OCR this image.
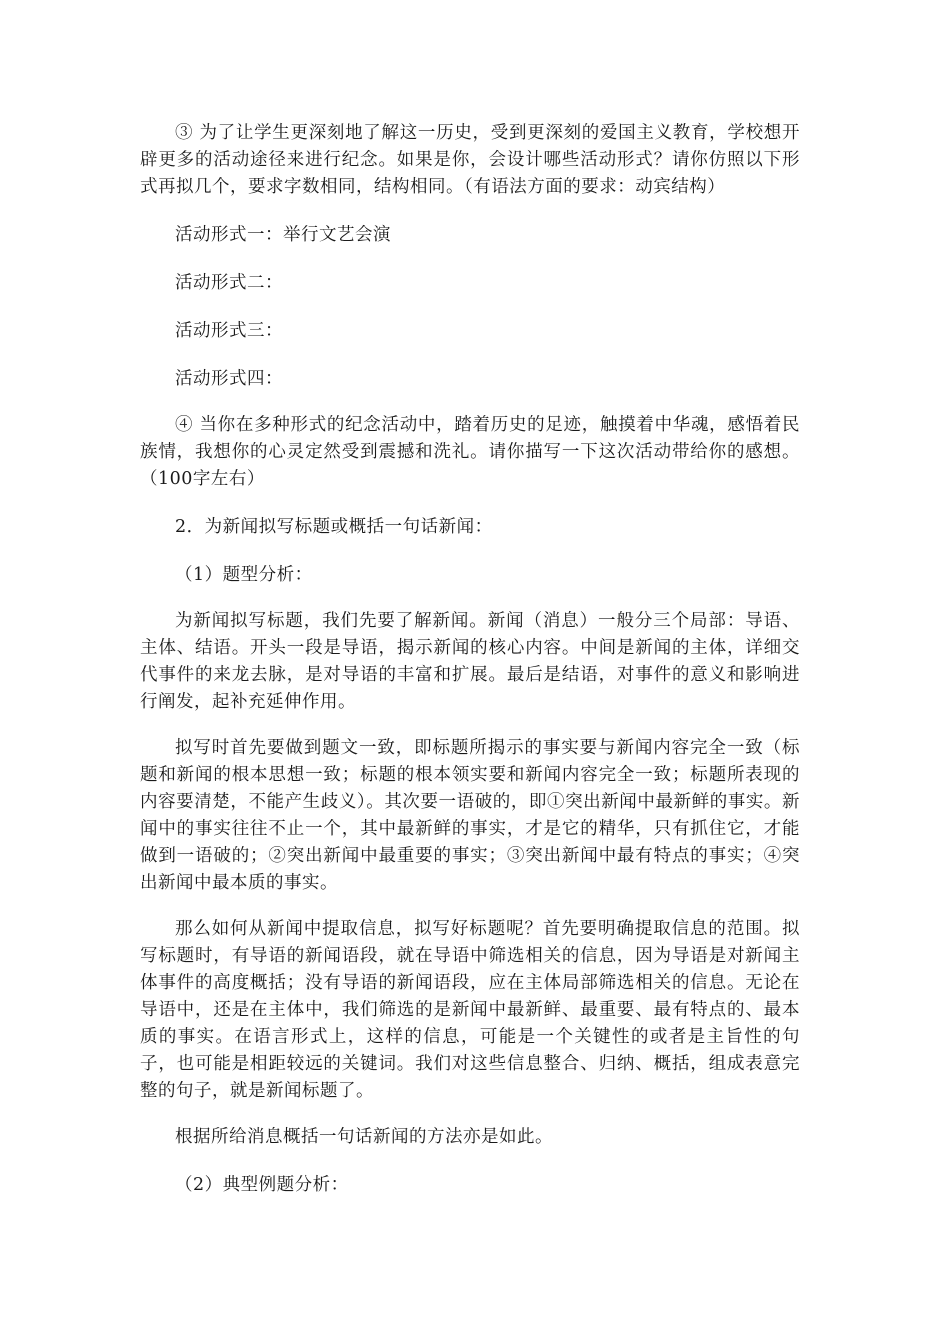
③ 为了让学生更深刻地了解这一历史，受到更深刻的爱国主义教育，学校想开辟更多的活动途径来进行纪念。如果是你，会设计哪些活动形式？请你仿照以下形式再拟几个，要求字数相同，结构相同。（有语法方面的要求：动宾结构）

活动形式一：举行文艺会演

活动形式二：

活动形式三：

活动形式四：

④ 当你在多种形式的纪念活动中，踏着历史的足迹，触摸着中华魂，感悟着民族情，我想你的心灵定然受到震撼和洗礼。请你描写一下这次活动带给你的感想。（100字左右）

2．为新闻拟写标题或概括一句话新闻：

（1）题型分析：

为新闻拟写标题，我们先要了解新闻。新闻（消息）一般分三个局部：导语、主体、结语。开头一段是导语，揭示新闻的核心内容。中间是新闻的主体，详细交代事件的来龙去脉，是对导语的丰富和扩展。最后是结语，对事件的意义和影响进行阐发，起补充延伸作用。

拟写时首先要做到题文一致，即标题所揭示的事实要与新闻内容完全一致（标题和新闻的根本思想一致；标题的根本领实要和新闻内容完全一致；标题所表现的内容要清楚，不能产生歧义）。其次要一语破的，即①突出新闻中最新鲜的事实。新闻中的事实往往不止一个，其中最新鲜的事实，才是它的精华，只有抓住它，才能做到一语破的；②突出新闻中最重要的事实；③突出新闻中最有特点的事实；④突出新闻中最本质的事实。

那么如何从新闻中提取信息，拟写好标题呢？首先要明确提取信息的范围。拟写标题时，有导语的新闻语段，就在导语中筛选相关的信息，因为导语是对新闻主体事件的高度概括；没有导语的新闻语段，应在主体局部筛选相关的信息。无论在导语中，还是在主体中，我们筛选的是新闻中最新鲜、最重要、最有特点的、最本质的事实。在语言形式上，这样的信息，可能是一个关键性的或者是主旨性的句子，也可能是相距较远的关键词。我们对这些信息整合、归纳、概括，组成表意完整的句子，就是新闻标题了。

根据所给消息概括一句话新闻的方法亦是如此。

（2）典型例题分析：
